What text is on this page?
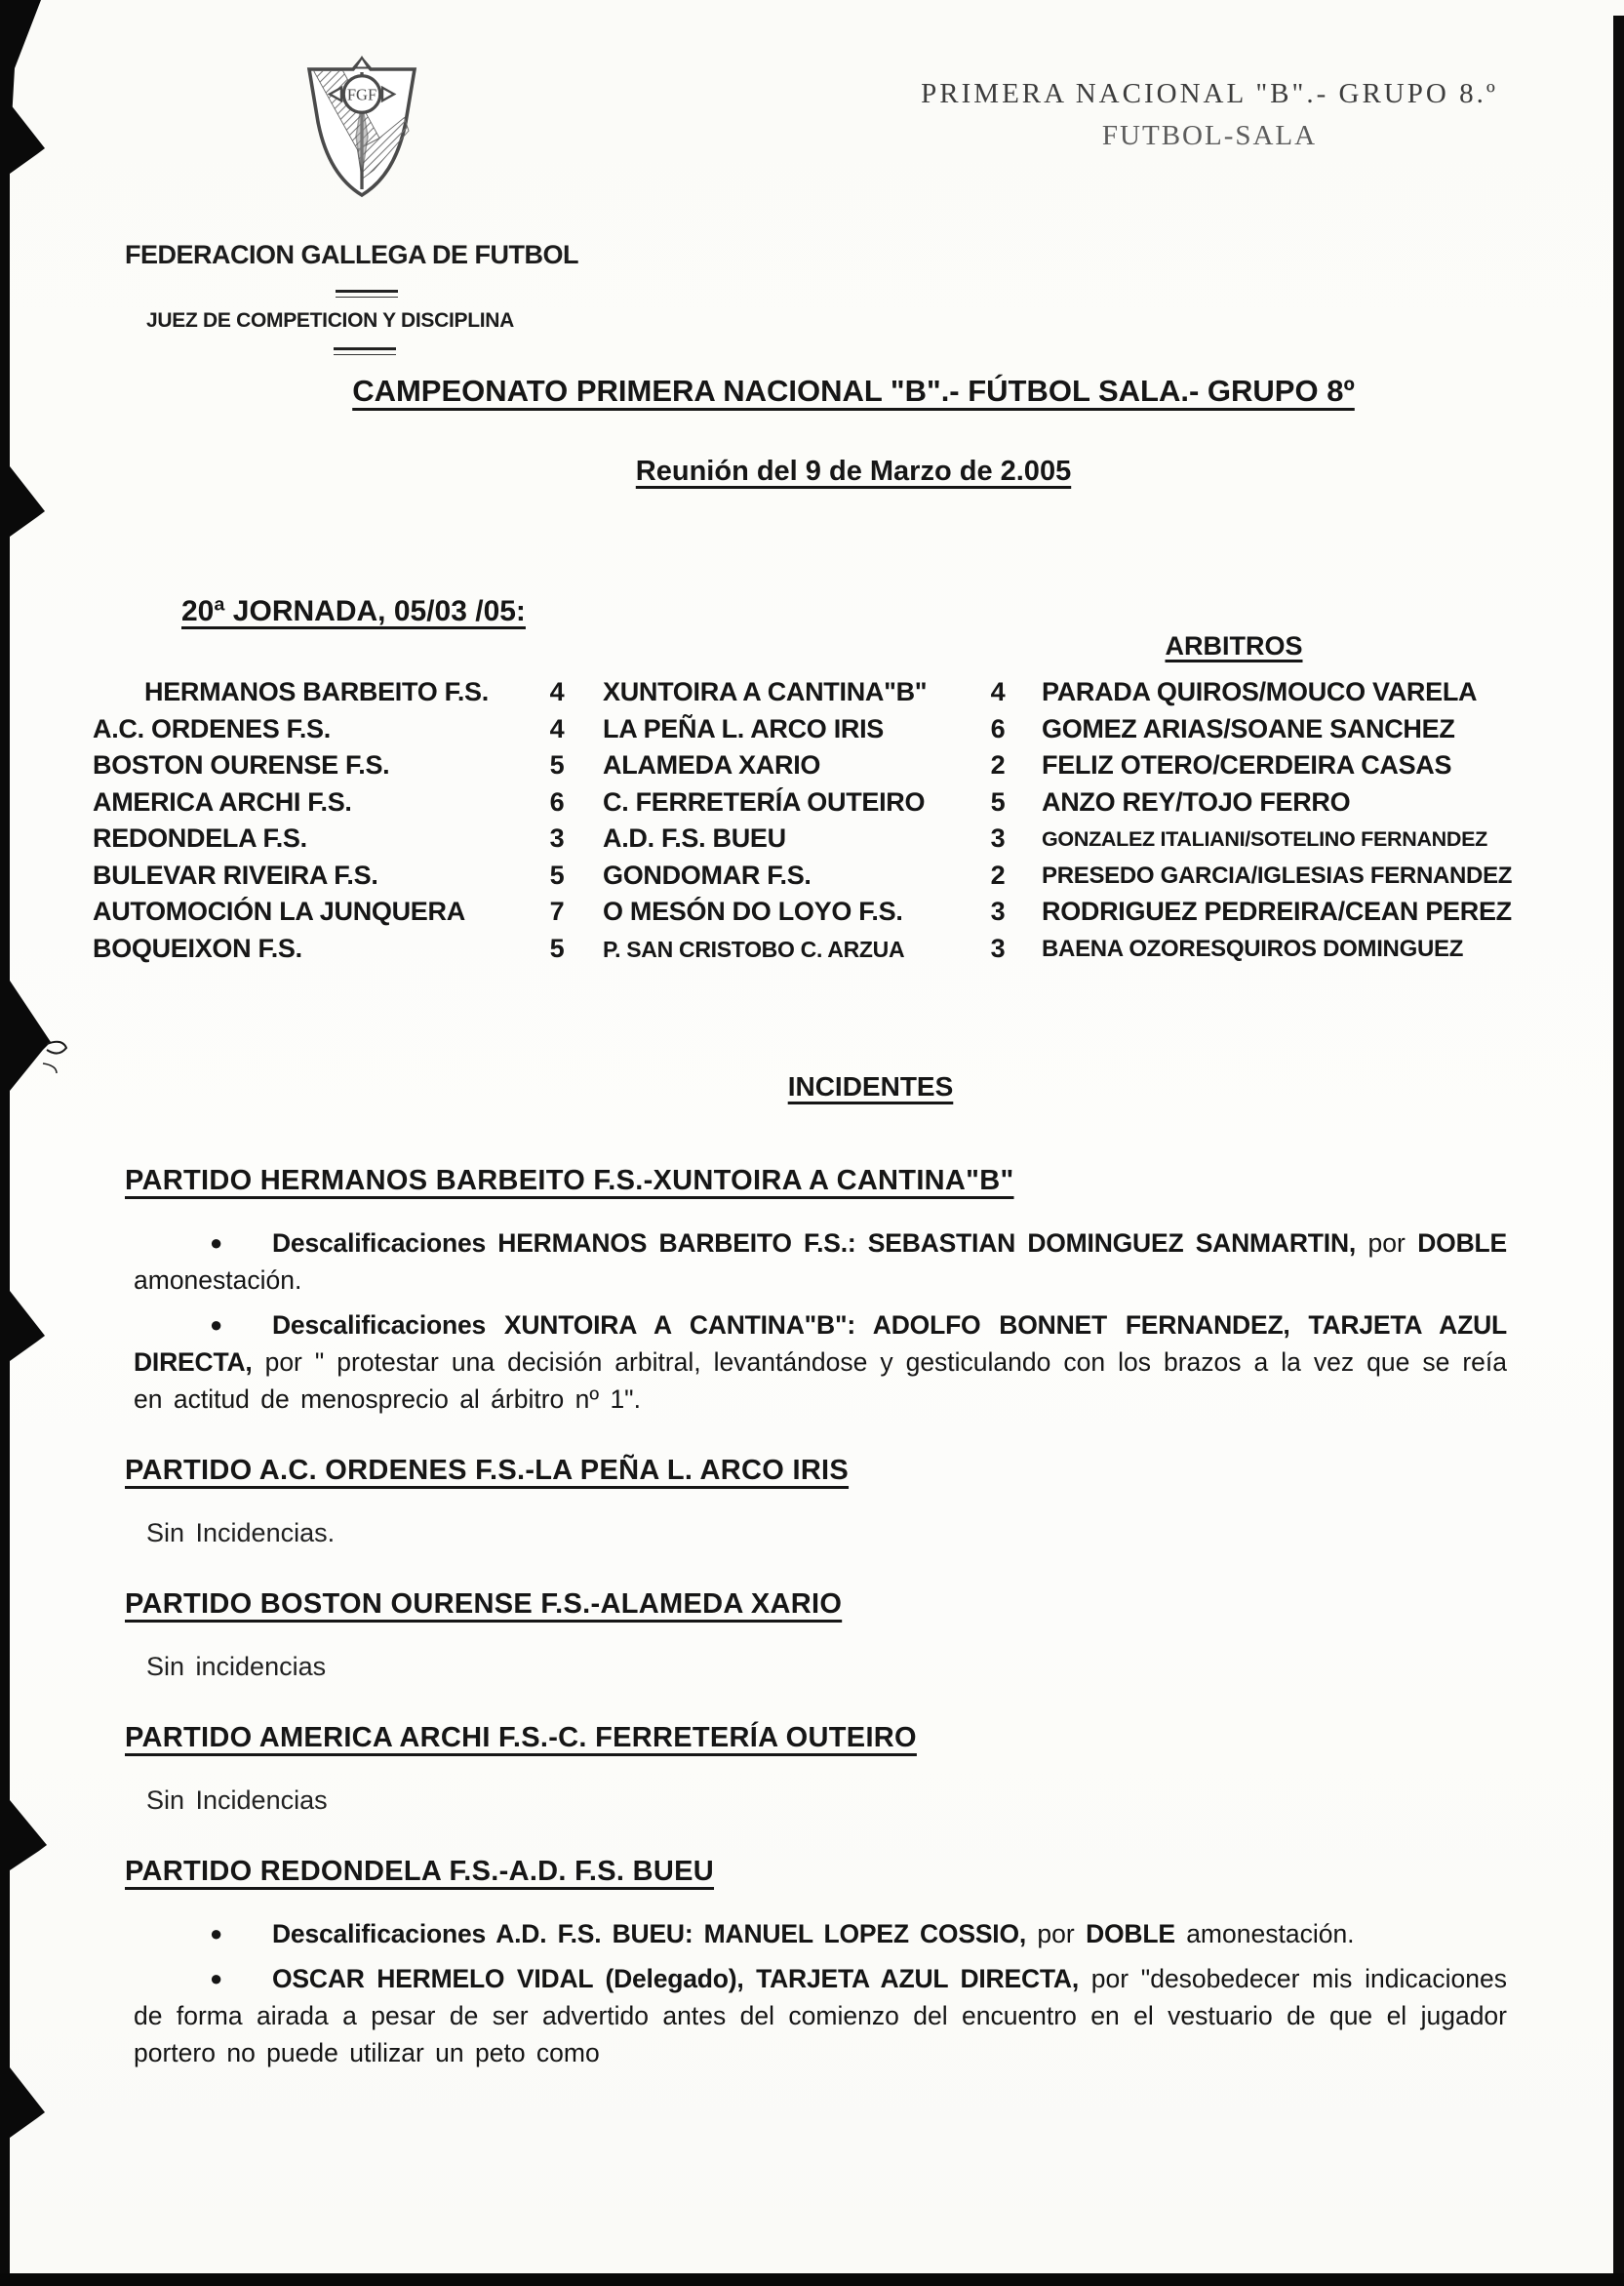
FGF	PRIMERA NACIONAL "B".- GRUPO 8.º
FUTBOL-SALA
FEDERACION GALLEGA DE FUTBOL
JUEZ DE COMPETICION Y DISCIPLINA
CAMPEONATO PRIMERA NACIONAL "B".- FÚTBOL SALA.- GRUPO 8º
Reunión del 9 de Marzo de 2.005
20ª JORNADA, 05/03 /05:
ARBITROS
HERMANOS BARBEITO F.S.	4	XUNTOIRA A CANTINA"B"	4	PARADA QUIROS/MOUCO VARELA
A.C. ORDENES F.S.	4	LA PEÑA L. ARCO IRIS	6	GOMEZ ARIAS/SOANE SANCHEZ
BOSTON OURENSE F.S.	5	ALAMEDA XARIO	2	FELIZ OTERO/CERDEIRA CASAS
AMERICA ARCHI F.S.	6	C. FERRETERÍA OUTEIRO	5	ANZO REY/TOJO FERRO
REDONDELA F.S.	3	A.D. F.S. BUEU	3	GONZALEZ ITALIANI/SOTELINO FERNANDEZ
BULEVAR RIVEIRA F.S.	5	GONDOMAR F.S.	2	PRESEDO GARCIA/IGLESIAS FERNANDEZ
AUTOMOCIÓN LA JUNQUERA	7	O MESÓN DO LOYO F.S.	3	RODRIGUEZ PEDREIRA/CEAN PEREZ
BOQUEIXON F.S.	5	P. SAN CRISTOBO C. ARZUA	3	BAENA OZORESQUIROS DOMINGUEZ
INCIDENTES
PARTIDO HERMANOS BARBEITO F.S.-XUNTOIRA A CANTINA"B"

● Descalificaciones HERMANOS BARBEITO F.S.: SEBASTIAN DOMINGUEZ SANMARTIN, por DOBLE amonestación.

● Descalificaciones XUNTOIRA A CANTINA"B": ADOLFO BONNET FERNANDEZ, TARJETA AZUL DIRECTA, por " protestar una decisión arbitral, levantándose y gesticulando con los brazos a la vez que se reía en actitud de menosprecio al árbitro nº 1".

PARTIDO A.C. ORDENES F.S.-LA PEÑA L. ARCO IRIS

Sin Incidencias.

PARTIDO BOSTON OURENSE F.S.-ALAMEDA XARIO

Sin incidencias

PARTIDO AMERICA ARCHI F.S.-C. FERRETERÍA OUTEIRO

Sin Incidencias

PARTIDO REDONDELA F.S.-A.D. F.S. BUEU

● Descalificaciones A.D. F.S. BUEU: MANUEL LOPEZ COSSIO, por DOBLE amonestación.

● OSCAR HERMELO VIDAL (Delegado), TARJETA AZUL DIRECTA, por "desobedecer mis indicaciones de forma airada a pesar de ser advertido antes del comienzo del encuentro en el vestuario de que el jugador portero no puede utilizar un peto como
